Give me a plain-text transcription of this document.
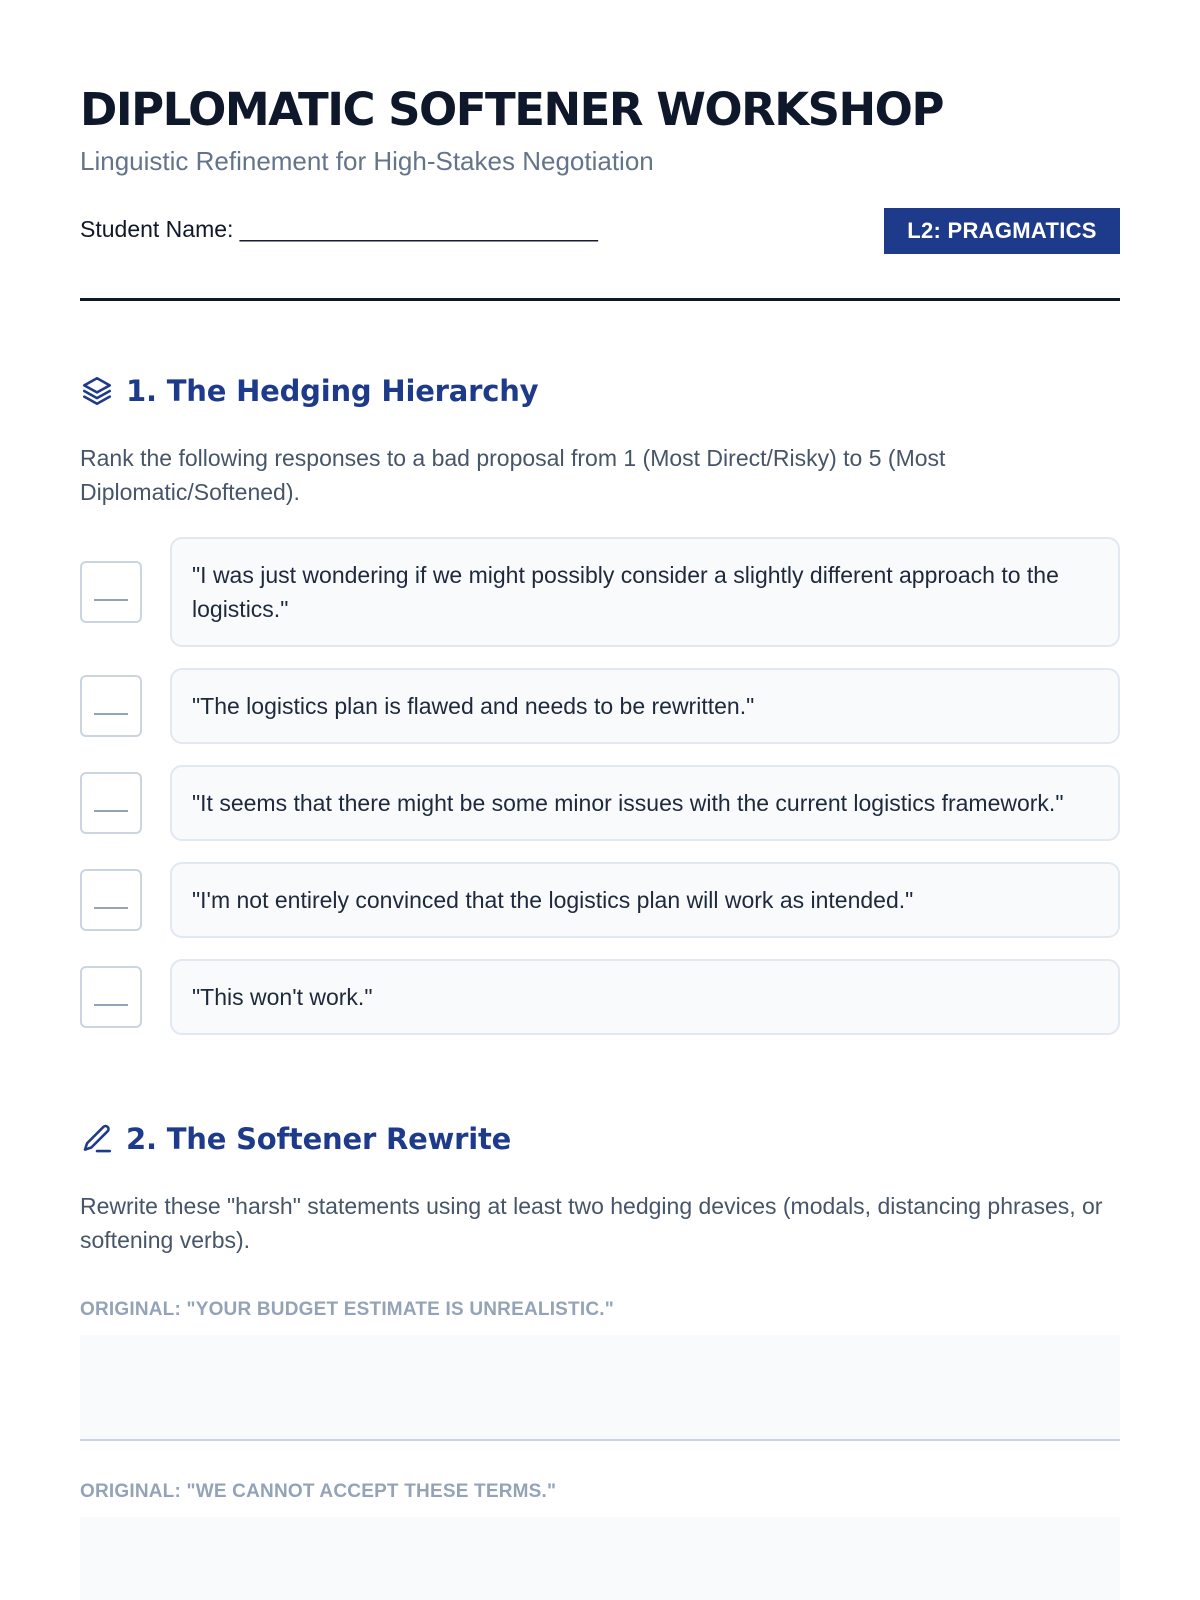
DIPLOMATIC SOFTENER WORKSHOP

Linguistic Refinement for High-Stakes Negotiation

Student Name: ____________________________	L2: PRAGMATICS
1. The Hedging Hierarchy

Rank the following responses to a bad proposal from 1 (Most Direct/Risky) to 5 (Most Diplomatic/Softened).

"I was just wondering if we might possibly consider a slightly different approach to the logistics."
"The logistics plan is flawed and needs to be rewritten."
"It seems that there might be some minor issues with the current logistics framework."
"I'm not entirely convinced that the logistics plan will work as intended."
"This won't work."
2. The Softener Rewrite

Rewrite these "harsh" statements using at least two hedging devices (modals, distancing phrases, or softening verbs).

ORIGINAL: "YOUR BUDGET ESTIMATE IS UNREALISTIC."
ORIGINAL: "WE CANNOT ACCEPT THESE TERMS."
